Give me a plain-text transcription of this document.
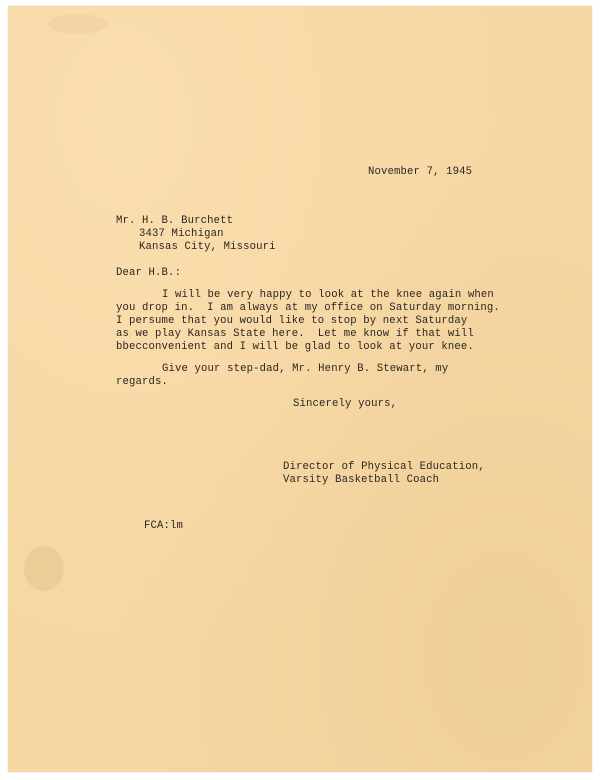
November 7, 1945
Mr. H. B. Burchett
3437 Michigan
Kansas City, Missouri
Dear H.B.:
I will be very happy to look at the knee again when
you drop in.  I am always at my office on Saturday morning.
I persume that you would like to stop by next Saturday
as we play Kansas State here.  Let me know if that will
bbecconvenient and I will be glad to look at your knee.
Give your step-dad, Mr. Henry B. Stewart, my
regards.
Sincerely yours,
Director of Physical Education,
Varsity Basketball Coach
FCA:lm
